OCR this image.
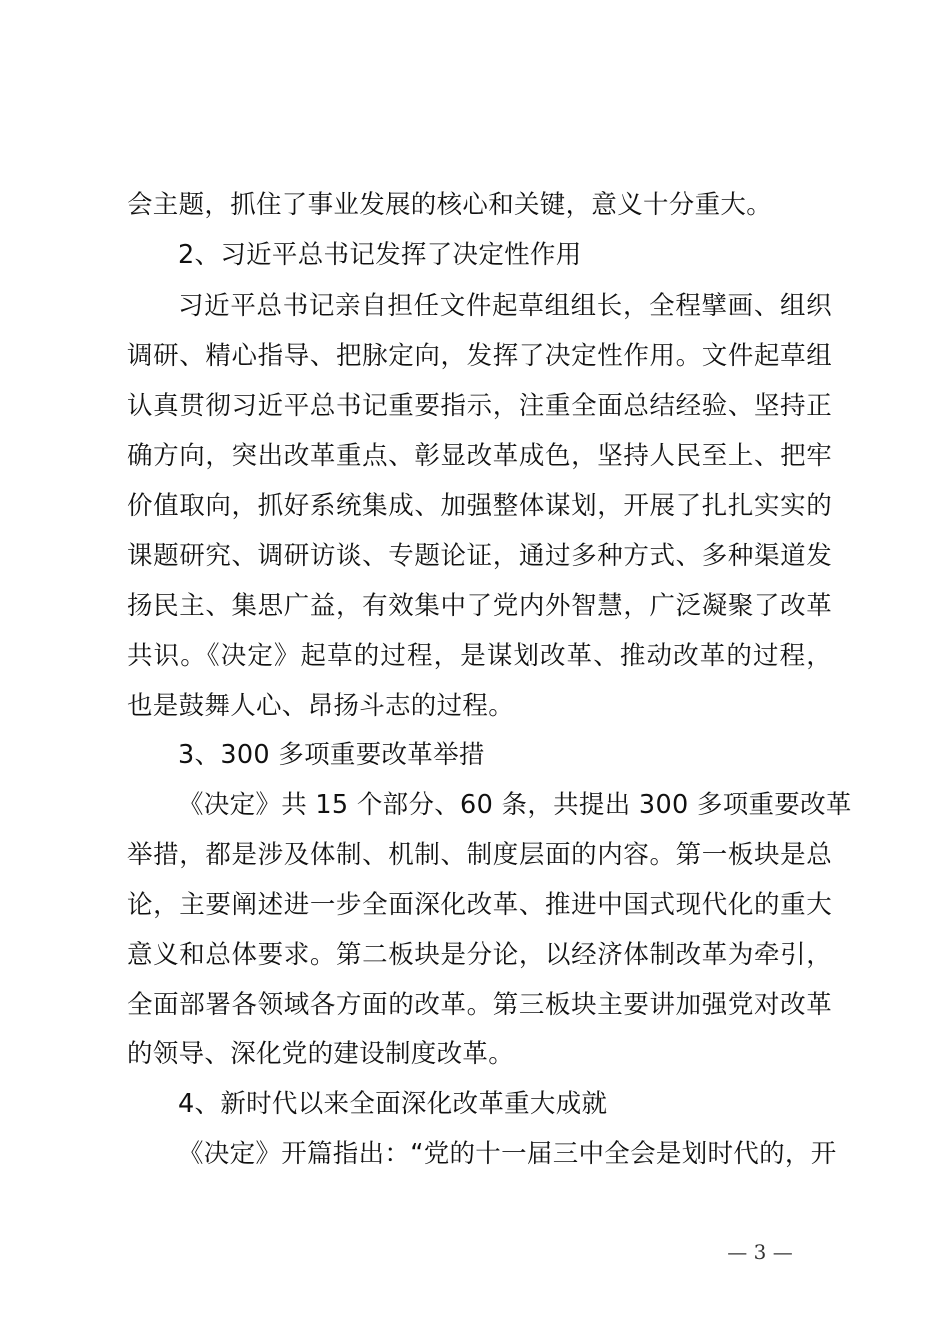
会主题，抓住了事业发展的核心和关键，意义十分重大。
2、习近平总书记发挥了决定性作用
习近平总书记亲自担任文件起草组组长，全程擘画、组织
调研、精心指导、把脉定向，发挥了决定性作用。文件起草组
认真贯彻习近平总书记重要指示，注重全面总结经验、坚持正
确方向，突出改革重点、彰显改革成色，坚持人民至上、把牢
价值取向，抓好系统集成、加强整体谋划，开展了扎扎实实的
课题研究、调研访谈、专题论证，通过多种方式、多种渠道发
扬民主、集思广益，有效集中了党内外智慧，广泛凝聚了改革
共识。《决定》起草的过程，是谋划改革、推动改革的过程，
也是鼓舞人心、昂扬斗志的过程。
3、300 多项重要改革举措
《决定》共 15 个部分、60 条，共提出 300 多项重要改革
举措，都是涉及体制、机制、制度层面的内容。第一板块是总
论，主要阐述进一步全面深化改革、推进中国式现代化的重大
意义和总体要求。第二板块是分论，以经济体制改革为牵引，
全面部署各领域各方面的改革。第三板块主要讲加强党对改革
的领导、深化党的建设制度改革。
4、新时代以来全面深化改革重大成就
《决定》开篇指出：“党的十一届三中全会是划时代的，开
— 3 —
